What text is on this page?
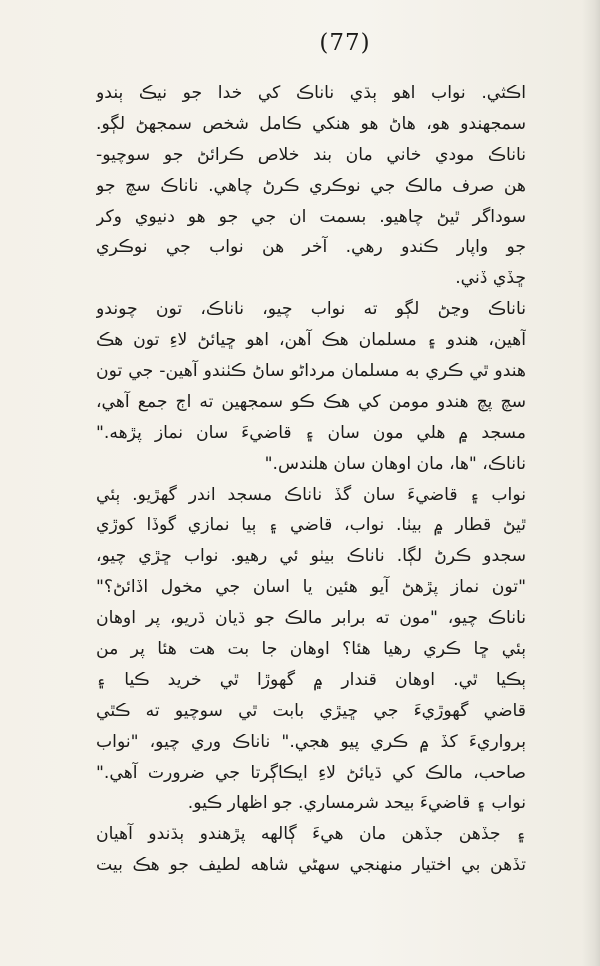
(77)
اڪثي. نواب اهو ٻڌي ناناڪ کي خدا جو نيڪ ٻندو
سمجھندو هو، هاڻ هو هنکي ڪامل شخص سمجھڻ لڳو.
ناناڪ مودي خاني مان بند خلاص ڪرائڻ جو سوچيو-
هن صرف مالڪ جي نوڪري ڪرڻ چاهي. ناناڪ سچ جو
سوداگر ٿيڻ چاهيو. بسمت ان جي جو هو دنيوي وکر
جو واپار ڪندو رهي. آخر هن نواب جي نوڪري
ڇڏي ڏني.
ناناڪ وڃڻ لڳو ته نواب چيو، ناناڪ، تون چوندو
آهين، هندو ۽ مسلمان هڪ آهن، اهو ڇيائڻ لاءِ تون هڪ
هندو ٿي ڪري به مسلمان مرداڻو ساڻ ڪٺندو آهين- جي تون
سچ پچ هندو مومن کي هڪ ڪو سمجھين ته اڄ جمع آهي،
مسجد ۾ هلي مون سان ۽ قاضيءَ سان نماز پڙهه."
ناناڪ، "ها، مان اوهان سان هلندس."
نواب ۽ قاضيءَ سان گڏ ناناڪ مسجد اندر گھڙيو. ٻئي
ٿيڻ قطار ۾ بيٺا. نواب، قاضي ۽ ٻيا نمازي گوڏا کوڙي
سجدو ڪرڻ لڳا. ناناڪ بيٺو ئي رهيو. نواب ڇڙي چيو،
"تون نماز پڙهڻ آيو هئين يا اسان جي مخول اڏائڻ؟"
ناناڪ چيو، "مون ته برابر مالڪ جو ڌيان ڌريو، پر اوهان
ٻئي ڇا ڪري رهيا هئا؟ اوهان جا بت هت هئا پر من
ٻڪيا ٿي. اوهان قندار ۾ گھوڙا ٿي خريد ڪيا ۽
قاضي گھوڙيءَ جي ڇيڙي بابت ٿي سوچيو ته ڪٿي
ٻرواريءَ کڏ ۾ ڪري پيو هجي." ناناڪ وري چيو، "نواب
صاحب، مالڪ کي ڌيائڻ لاءِ ايڪاڳرتا جي ضرورت آهي."
نواب ۽ قاضيءَ بيحد شرمساري. جو اظهار ڪيو.
۽ جڏهن جڏهن مان هيءَ ڳالهه پڙهندو ٻڌندو آهيان
تڏهن بي اختيار منهنجي سهڻي شاهه لطيف جو هڪ بيت
